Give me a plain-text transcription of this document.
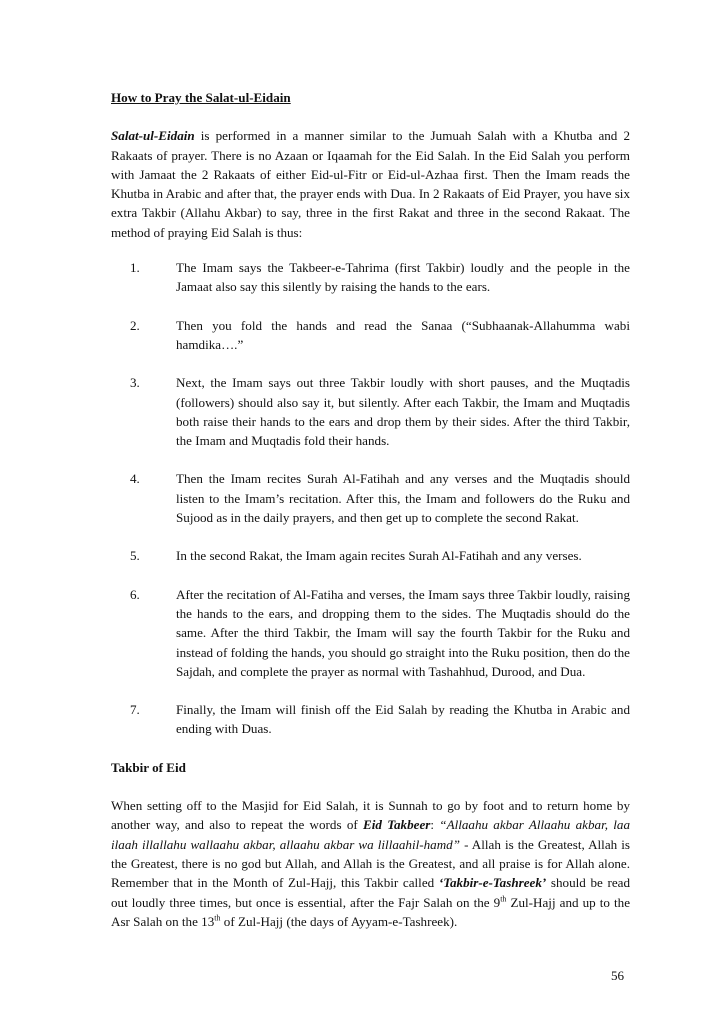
How to Pray the Salat-ul-Eidain

Salat-ul-Eidain is performed in a manner similar to the Jumuah Salah with a Khutba and 2 Rakaats of prayer. There is no Azaan or Iqaamah for the Eid Salah. In the Eid Salah you perform with Jamaat the 2 Rakaats of either Eid-ul-Fitr or Eid-ul-Azhaa first. Then the Imam reads the Khutba in Arabic and after that, the prayer ends with Dua. In 2 Rakaats of Eid Prayer, you have six extra Takbir (Allahu Akbar) to say, three in the first Rakat and three in the second Rakaat. The method of praying Eid Salah is thus:

1.	The Imam says the Takbeer-e-Tahrima (first Takbir) loudly and the people in the Jamaat also say this silently by raising the hands to the ears.
2.	Then you fold the hands and read the Sanaa (“Subhaanak-Allahumma wabi hamdika….”
3.	Next, the Imam says out three Takbir loudly with short pauses, and the Muqtadis (followers) should also say it, but silently. After each Takbir, the Imam and Muqtadis both raise their hands to the ears and drop them by their sides. After the third Takbir, the Imam and Muqtadis fold their hands.
4.	Then the Imam recites Surah Al-Fatihah and any verses and the Muqtadis should listen to the Imam’s recitation. After this, the Imam and followers do the Ruku and Sujood as in the daily prayers, and then get up to complete the second Rakat.
5.	In the second Rakat, the Imam again recites Surah Al-Fatihah and any verses.
6.	After the recitation of Al-Fatiha and verses, the Imam says three Takbir loudly, raising the hands to the ears, and dropping them to the sides. The Muqtadis should do the same. After the third Takbir, the Imam will say the fourth Takbir for the Ruku and instead of folding the hands, you should go straight into the Ruku position, then do the Sajdah, and complete the prayer as normal with Tashahhud, Durood, and Dua.
7.	Finally, the Imam will finish off the Eid Salah by reading the Khutba in Arabic and ending with Duas.
Takbir of Eid

When setting off to the Masjid for Eid Salah, it is Sunnah to go by foot and to return home by another way, and also to repeat the words of Eid Takbeer: “Allaahu akbar Allaahu akbar, laa ilaah illallahu wallaahu akbar, allaahu akbar wa lillaahil-hamd” - Allah is the Greatest, Allah is the Greatest, there is no god but Allah, and Allah is the Greatest, and all praise is for Allah alone. Remember that in the Month of Zul-Hajj, this Takbir called ‘Takbir-e-Tashreek’ should be read out loudly three times, but once is essential, after the Fajr Salah on the 9th Zul-Hajj and up to the Asr Salah on the 13th of Zul-Hajj (the days of Ayyam-e-Tashreek).

56
